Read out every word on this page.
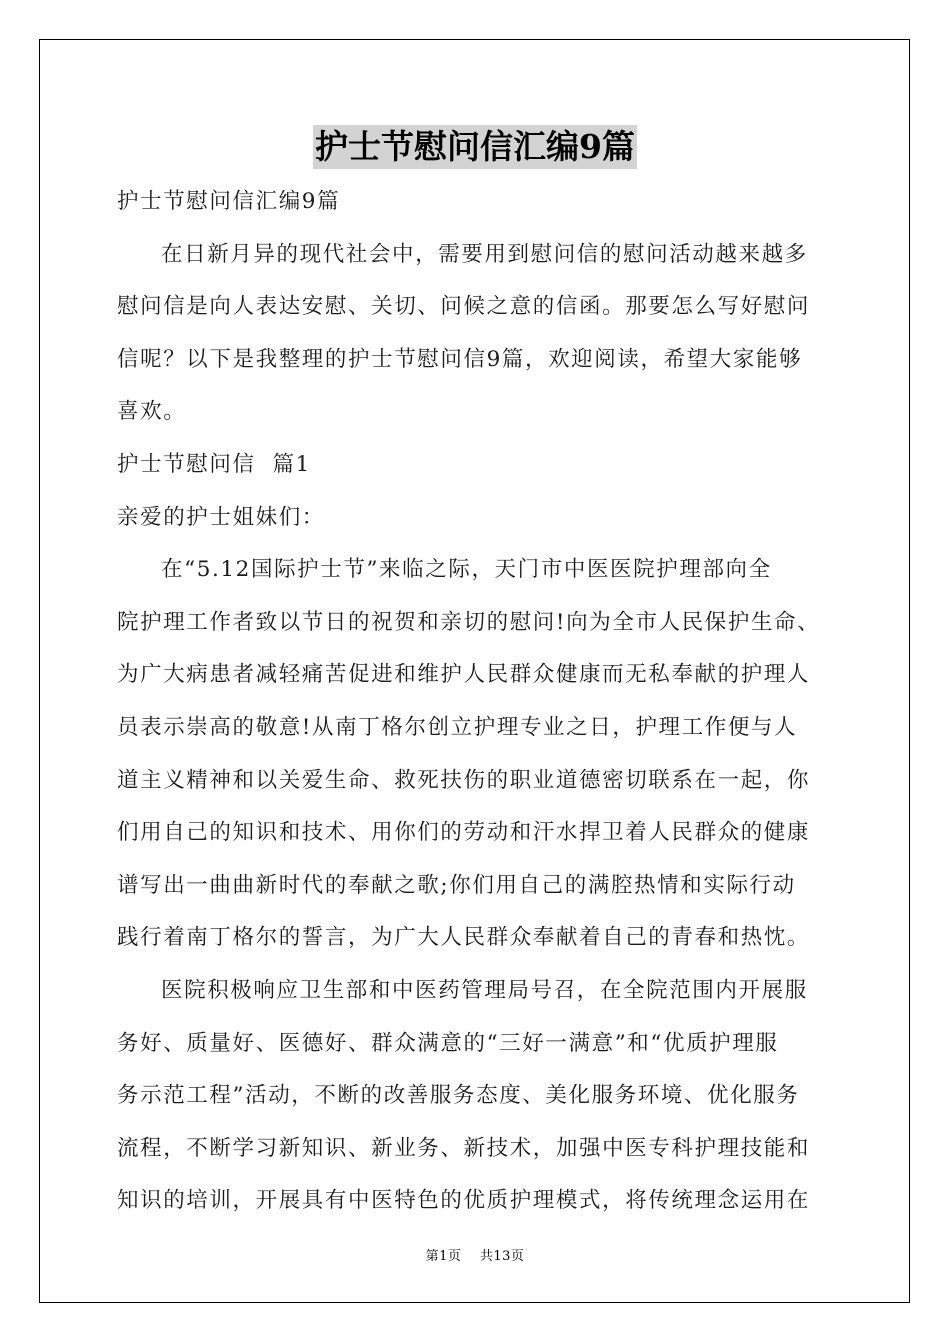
护士节慰问信汇编9篇
护士节慰问信汇编9篇
在日新月异的现代社会中，需要用到慰问信的慰问活动越来越多
慰问信是向人表达安慰、关切、问候之意的信函。那要怎么写好慰问
信呢？以下是我整理的护士节慰问信9篇，欢迎阅读，希望大家能够
喜欢。
护士节慰问信  篇1
亲爱的护士姐妹们：
在“5.12国际护士节”来临之际，天门市中医医院护理部向全
院护理工作者致以节日的祝贺和亲切的慰问!向为全市人民保护生命、
为广大病患者减轻痛苦促进和维护人民群众健康而无私奉献的护理人
员表示崇高的敬意!从南丁格尔创立护理专业之日，护理工作便与人
道主义精神和以关爱生命、救死扶伤的职业道德密切联系在一起，你
们用自己的知识和技术、用你们的劳动和汗水捍卫着人民群众的健康
谱写出一曲曲新时代的奉献之歌;你们用自己的满腔热情和实际行动
践行着南丁格尔的誓言，为广大人民群众奉献着自己的青春和热忱。
医院积极响应卫生部和中医药管理局号召，在全院范围内开展服
务好、质量好、医德好、群众满意的“三好一满意”和“优质护理服
务示范工程”活动，不断的改善服务态度、美化服务环境、优化服务
流程，不断学习新知识、新业务、新技术，加强中医专科护理技能和
知识的培训，开展具有中医特色的优质护理模式，将传统理念运用在
第1页    共13页
